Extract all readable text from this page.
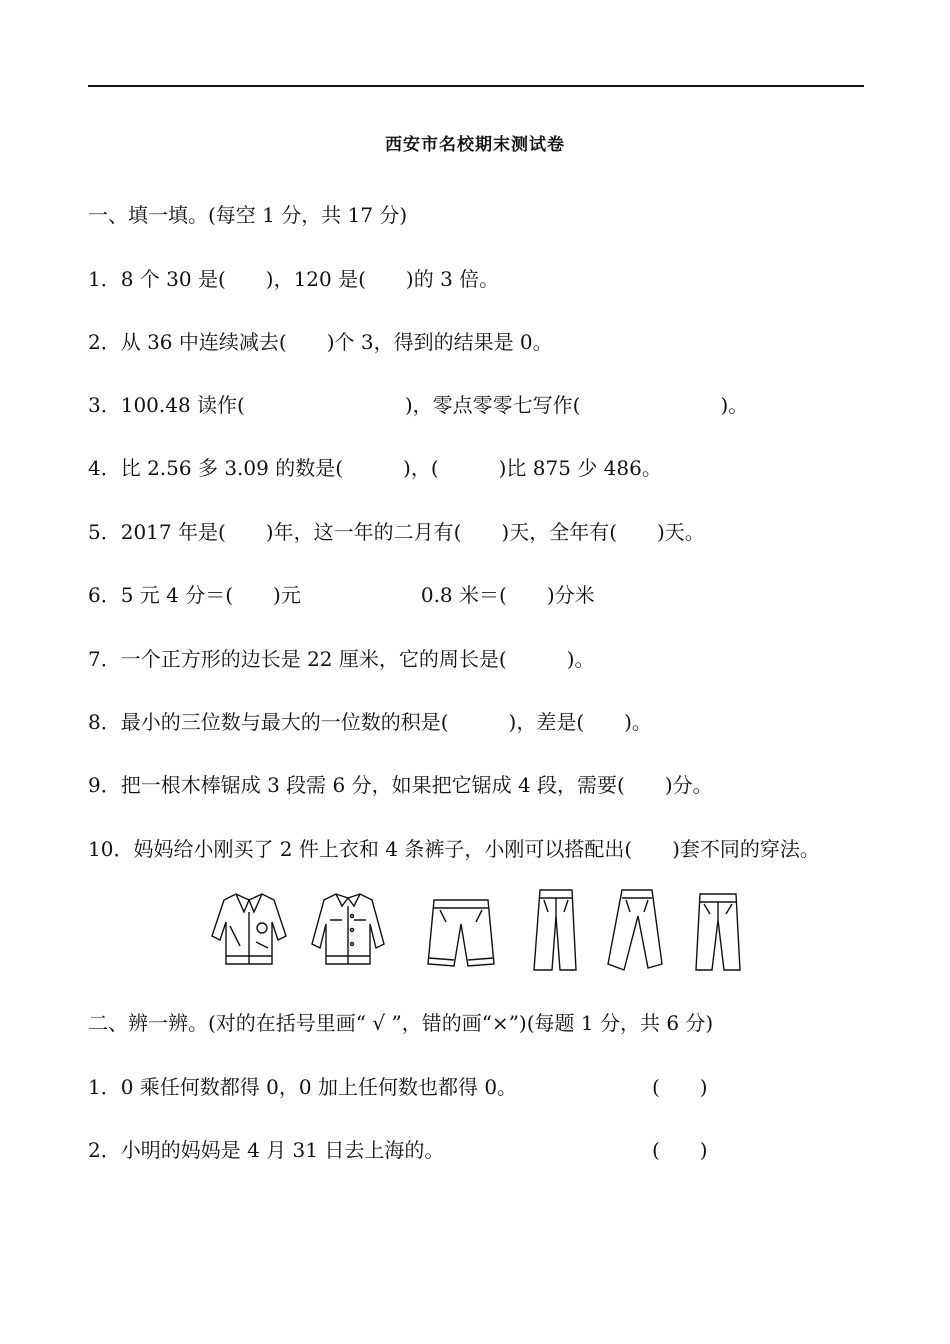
西安市名校期末测试卷
一、填一填。(每空 1 分，共 17 分)
1．8 个 30 是(　　)，120 是(　　)的 3 倍。
2．从 36 中连续减去(　　)个 3，得到的结果是 0。
3．100.48 读作(　　　　　　　　)，零点零零七写作(　　　　　　　)。
4．比 2.56 多 3.09 的数是(　　　)，(　　　)比 875 少 486。
5．2017 年是(　　)年，这一年的二月有(　　)天，全年有(　　)天。
6．5 元 4 分＝(　　)元　　　　　　0.8 米＝(　　)分米
7．一个正方形的边长是 22 厘米，它的周长是(　　　)。
8．最小的三位数与最大的一位数的积是(　　　)，差是(　　)。
9．把一根木棒锯成 3 段需 6 分，如果把它锯成 4 段，需要(　　)分。
10．妈妈给小刚买了 2 件上衣和 4 条裤子，小刚可以搭配出(　　)套不同的穿法。
二、辨一辨。(对的在括号里画“ √ ”，错的画“×”)(每题 1 分，共 6 分)
1．0 乘任何数都得 0，0 加上任何数也都得 0。	(　　)
2．小明的妈妈是 4 月 31 日去上海的。	(　　)
